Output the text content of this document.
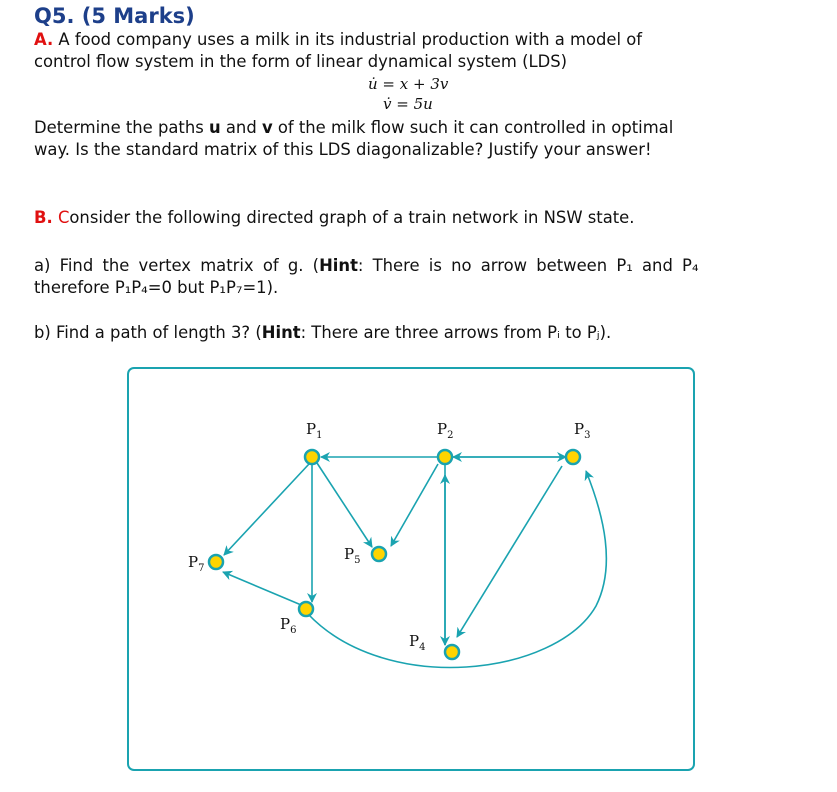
Q5. (5 Marks)
A. A food company uses a milk in its industrial production with a model of
control flow system in the form of linear dynamical system (LDS)
u̇ = x + 3v
v̇ = 5u
Determine the paths u and v of the milk flow such it can controlled in optimal
way. Is the standard matrix of this LDS diagonalizable? Justify your answer!
B. Consider the following directed graph of a train network in NSW state.
a) Find the vertex matrix of g. (Hint: There is no arrow between P₁ and P₄
therefore P₁P₄=0 but P₁P₇=1).
b) Find a path of length 3? (Hint: There are three arrows from Pᵢ to Pⱼ).
$P_1$	$P_2$	$P_3$
$P_4$
$P_5$
$P_6$
$P_7$
